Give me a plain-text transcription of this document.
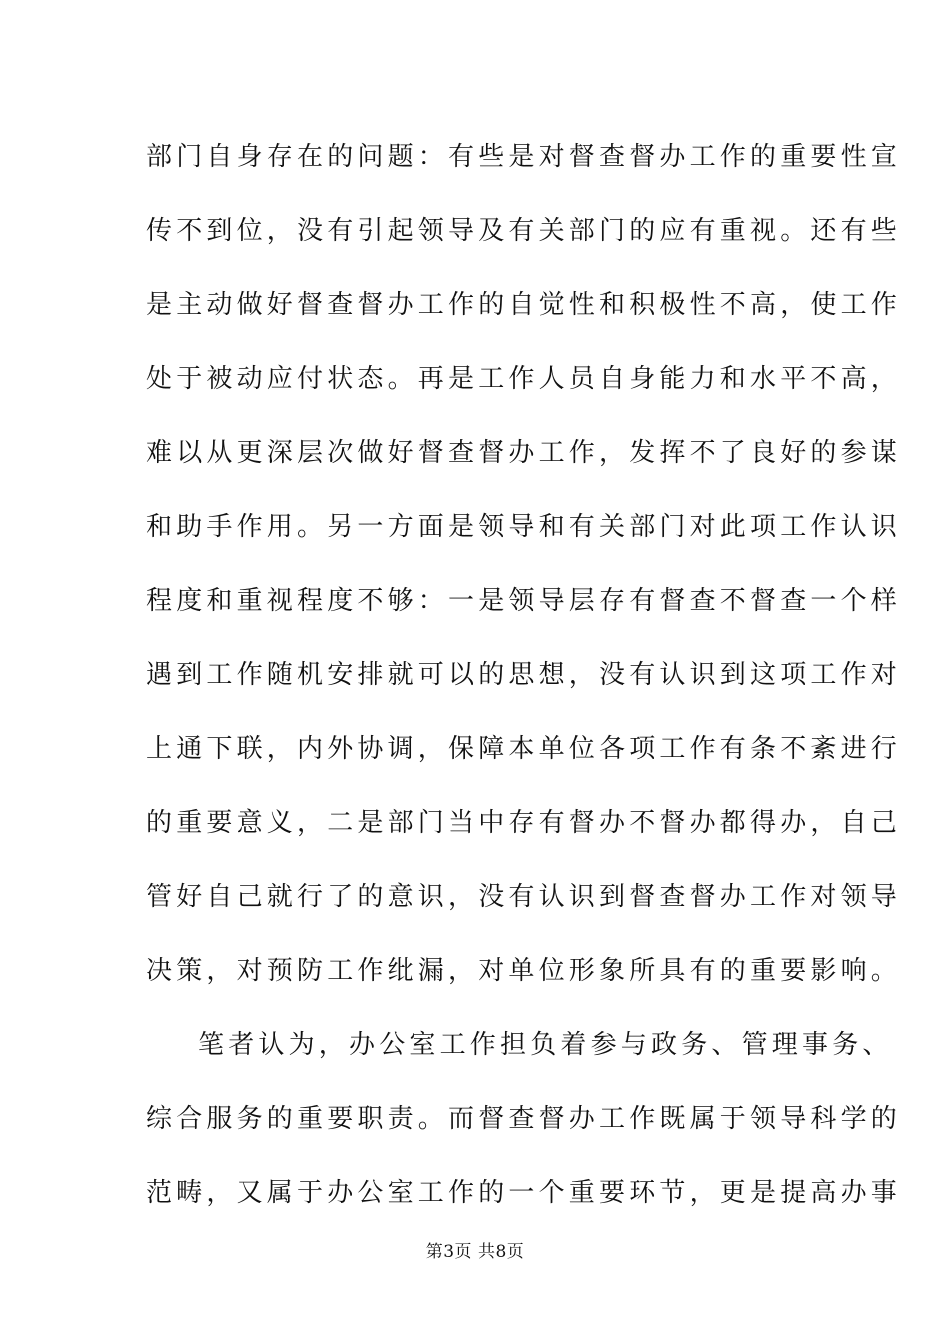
部门自身存在的问题：有些是对督查督办工作的重要性宣
传不到位，没有引起领导及有关部门的应有重视。还有些
是主动做好督查督办工作的自觉性和积极性不高，使工作
处于被动应付状态。再是工作人员自身能力和水平不高，
难以从更深层次做好督查督办工作，发挥不了良好的参谋
和助手作用。另一方面是领导和有关部门对此项工作认识
程度和重视程度不够：一是领导层存有督查不督查一个样
遇到工作随机安排就可以的思想，没有认识到这项工作对
上通下联，内外协调，保障本单位各项工作有条不紊进行
的重要意义，二是部门当中存有督办不督办都得办，自己
管好自己就行了的意识，没有认识到督查督办工作对领导
决策，对预防工作纰漏，对单位形象所具有的重要影响。
笔者认为，办公室工作担负着参与政务、管理事务、
综合服务的重要职责。而督查督办工作既属于领导科学的
范畴，又属于办公室工作的一个重要环节，更是提高办事
第3页 共8页
